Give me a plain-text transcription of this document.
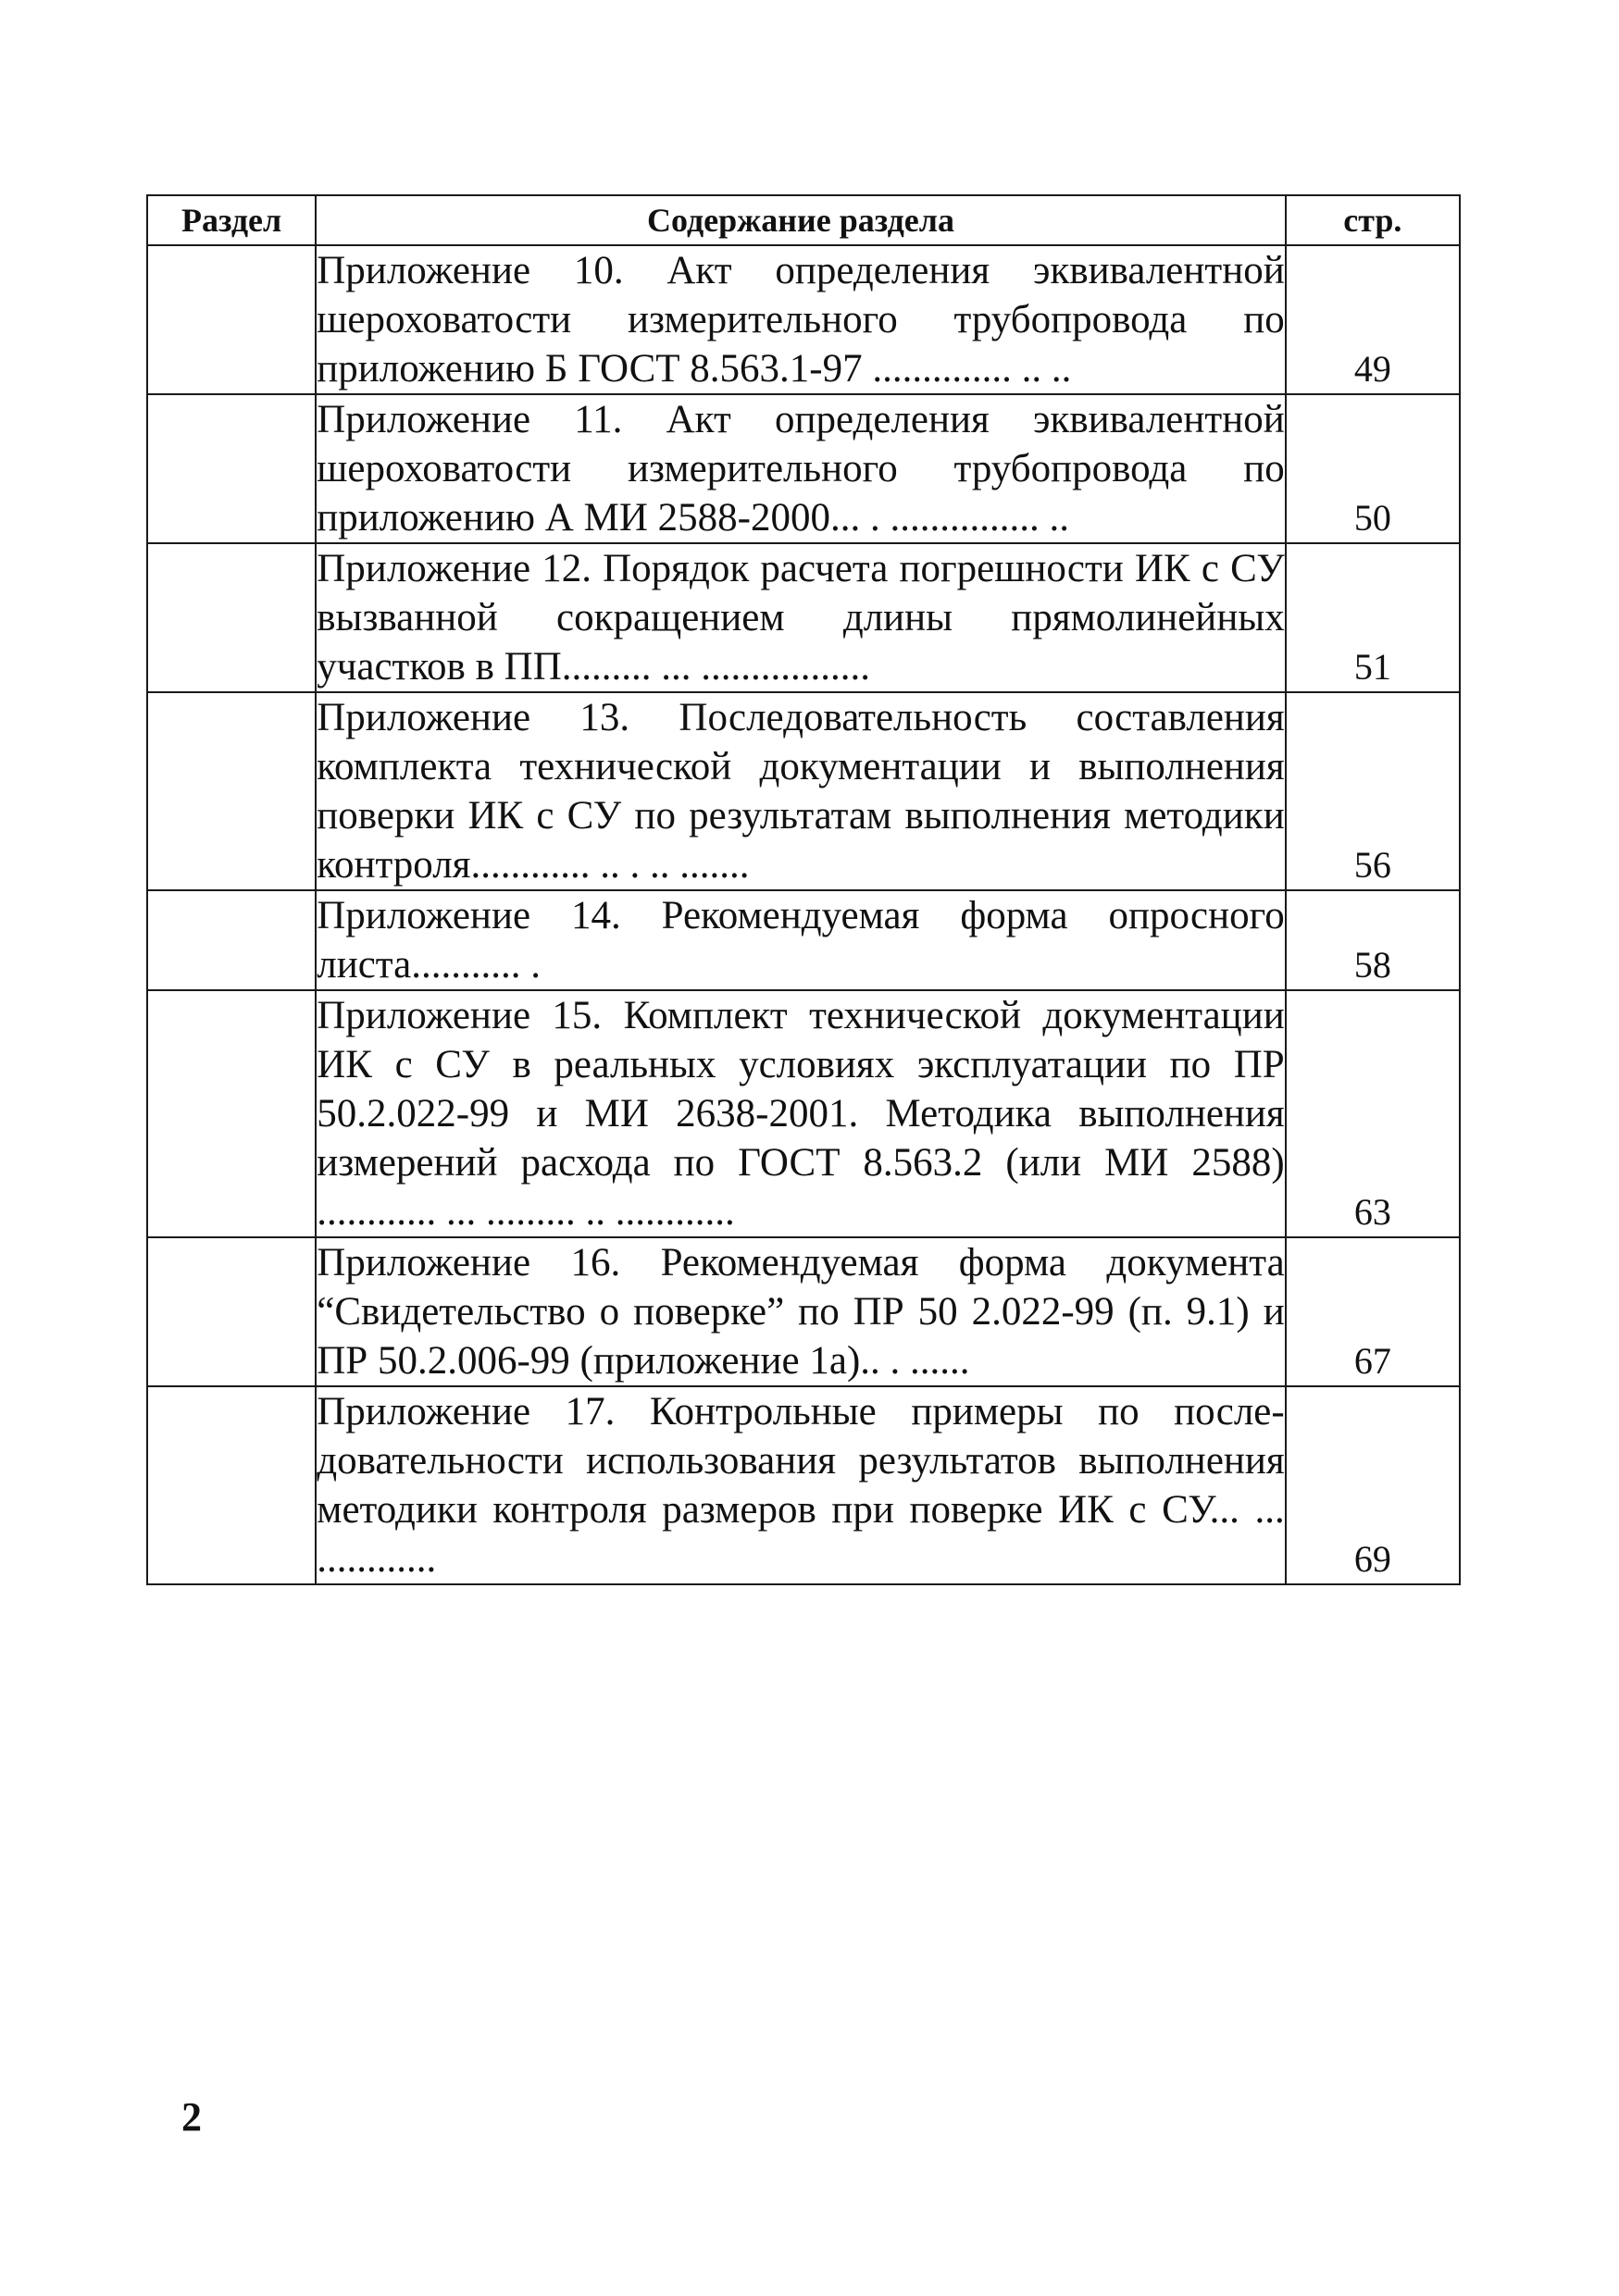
Раздел	Содержание раздела	стр.
	Приложение 10. Акт определения эквивалентной шероховатости измерительного трубопровода по приложению Б ГОСТ 8.563.1-97 .............. .. ..	49
	Приложение 11. Акт определения эквивалентной шероховатости измерительного трубопровода по приложению А МИ 2588-2000... . ............... ..	50
	Приложение 12. Порядок расчета погрешности ИК с СУ вызванной сокращением длины прямолинейных участков в ПП......... ... .................	51
	Приложение 13. Последовательность составления комплекта технической документации и выполнения поверки ИК с СУ по результатам выполнения методики контроля............ .. . .. .......	56
	Приложение 14. Рекомендуемая форма опросного листа........... .	58
	Приложение 15. Комплект технической документации ИК с СУ в реальных условиях эксплуатации по ПР 50.2.022-99 и МИ 2638-2001. Методика выполнения измерений расхода по ГОСТ 8.563.2 (или МИ 2588) ............ ... ......... .. ............	63
	Приложение 16. Рекомендуемая форма документа “Свидетельство о поверке” по ПР 50 2.022-99 (п. 9.1) и ПР 50.2.006-99 (приложение 1а).. . ......	67
	Приложение 17. Контрольные примеры по последовательности использования результатов выполнения методики контроля размеров при поверке ИК с СУ... ... ............	69
2
